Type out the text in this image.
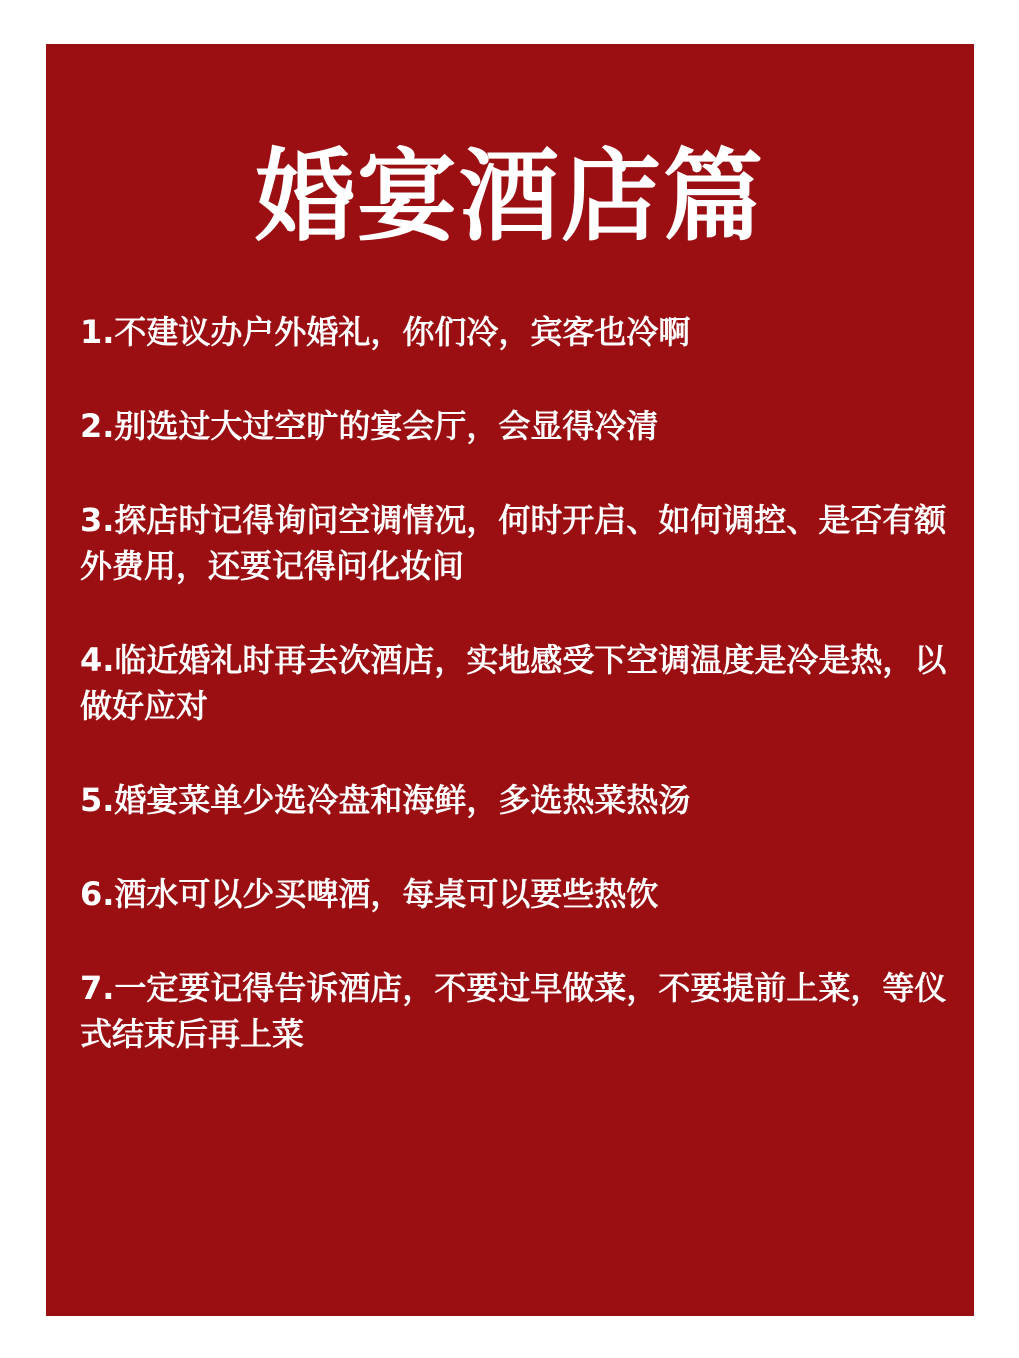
婚宴酒店篇
1.不建议办户外婚礼，你们冷，宾客也冷啊
2.别选过大过空旷的宴会厅，会显得冷清
3.探店时记得询问空调情况，何时开启、如何调控、是否有额外费用，还要记得问化妆间
4.临近婚礼时再去次酒店，实地感受下空调温度是冷是热，以做好应对
5.婚宴菜单少选冷盘和海鲜，多选热菜热汤
6.酒水可以少买啤酒，每桌可以要些热饮
7.一定要记得告诉酒店，不要过早做菜，不要提前上菜，等仪式结束后再上菜
